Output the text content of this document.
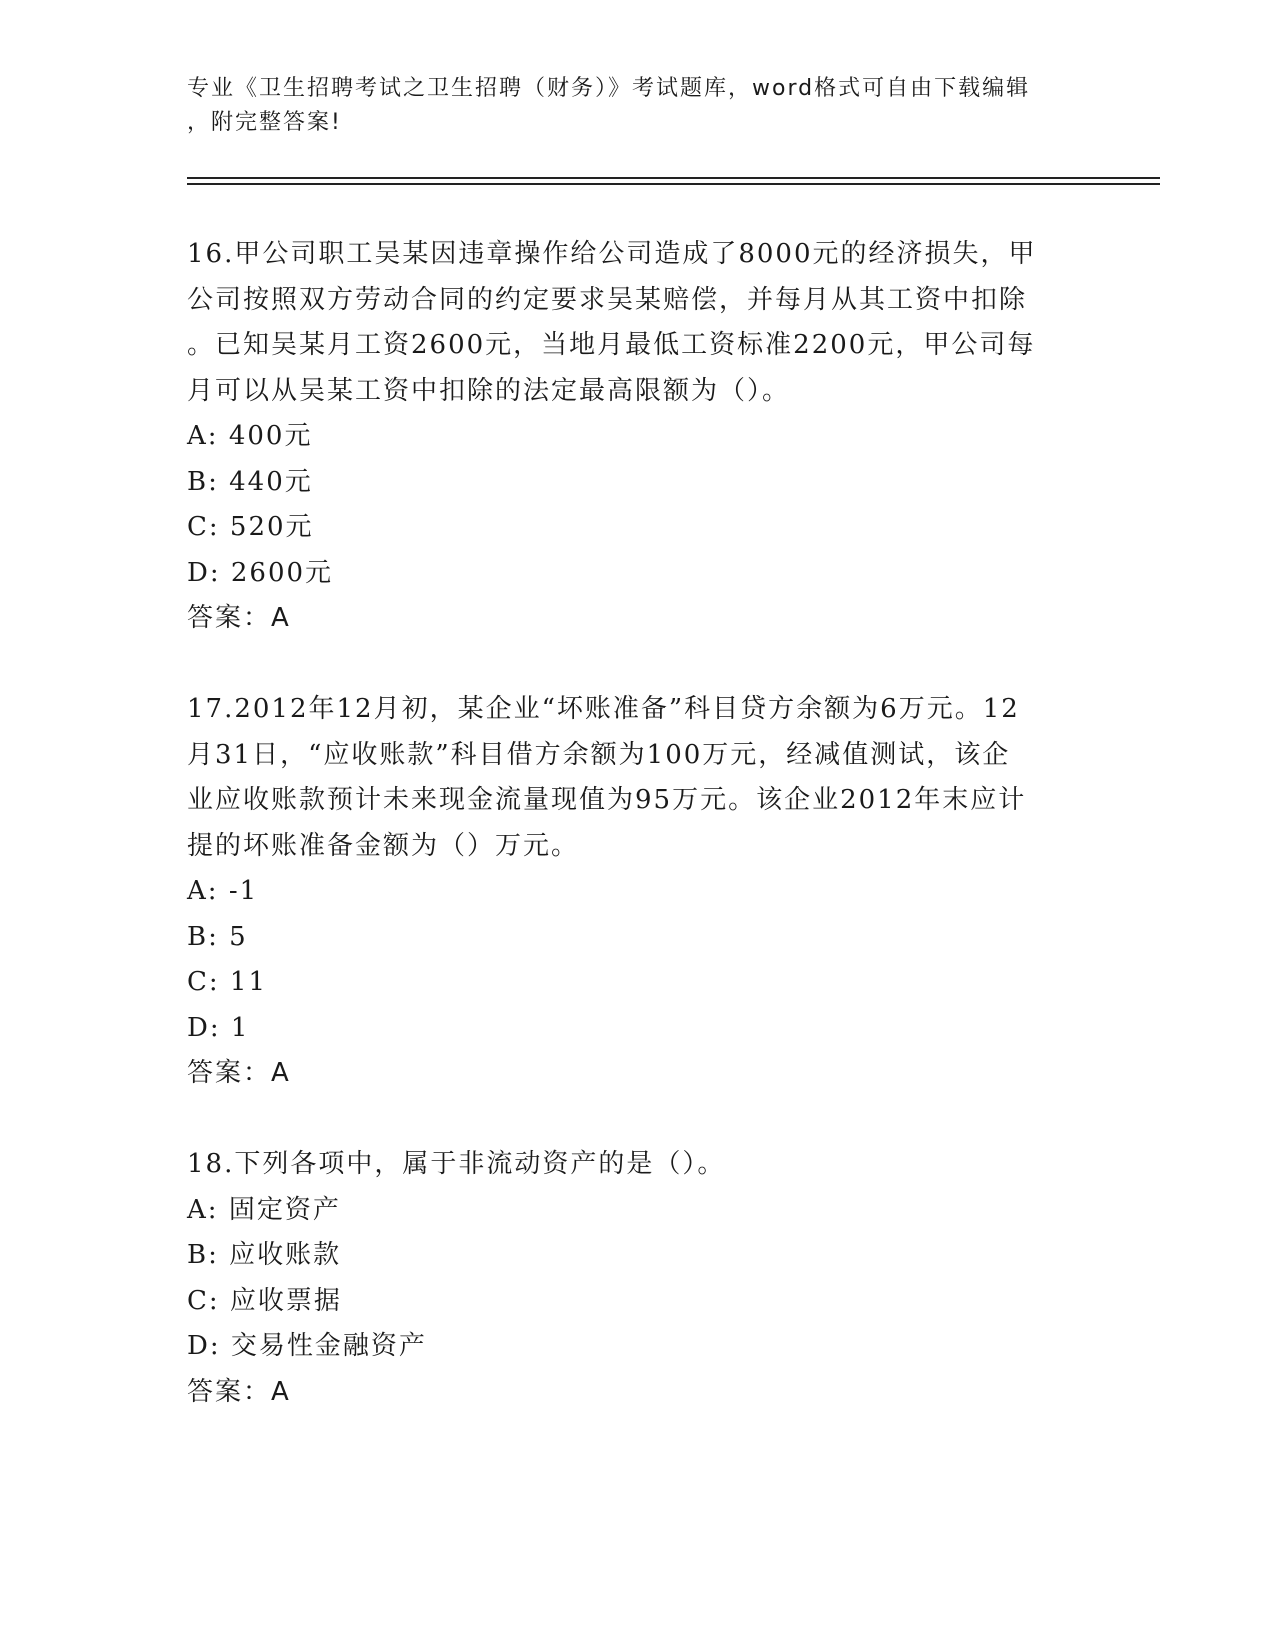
专业《卫生招聘考试之卫生招聘（财务）》考试题库，word格式可自由下载编辑
，附完整答案!
16.甲公司职工吴某因违章操作给公司造成了8000元的经济损失，甲
公司按照双方劳动合同的约定要求吴某赔偿，并每月从其工资中扣除
。已知吴某月工资2600元，当地月最低工资标准2200元，甲公司每
月可以从吴某工资中扣除的法定最高限额为（）。
A: 400元
B: 440元
C: 520元
D: 2600元
答案：A
17.2012年12月初，某企业“坏账准备”科目贷方余额为6万元。12
月31日，“应收账款”科目借方余额为100万元，经减值测试，该企
业应收账款预计未来现金流量现值为95万元。该企业2012年末应计
提的坏账准备金额为（）万元。
A: -1
B: 5
C: 11
D: 1
答案：A
18.下列各项中，属于非流动资产的是（）。
A: 固定资产
B: 应收账款
C: 应收票据
D: 交易性金融资产
答案：A
